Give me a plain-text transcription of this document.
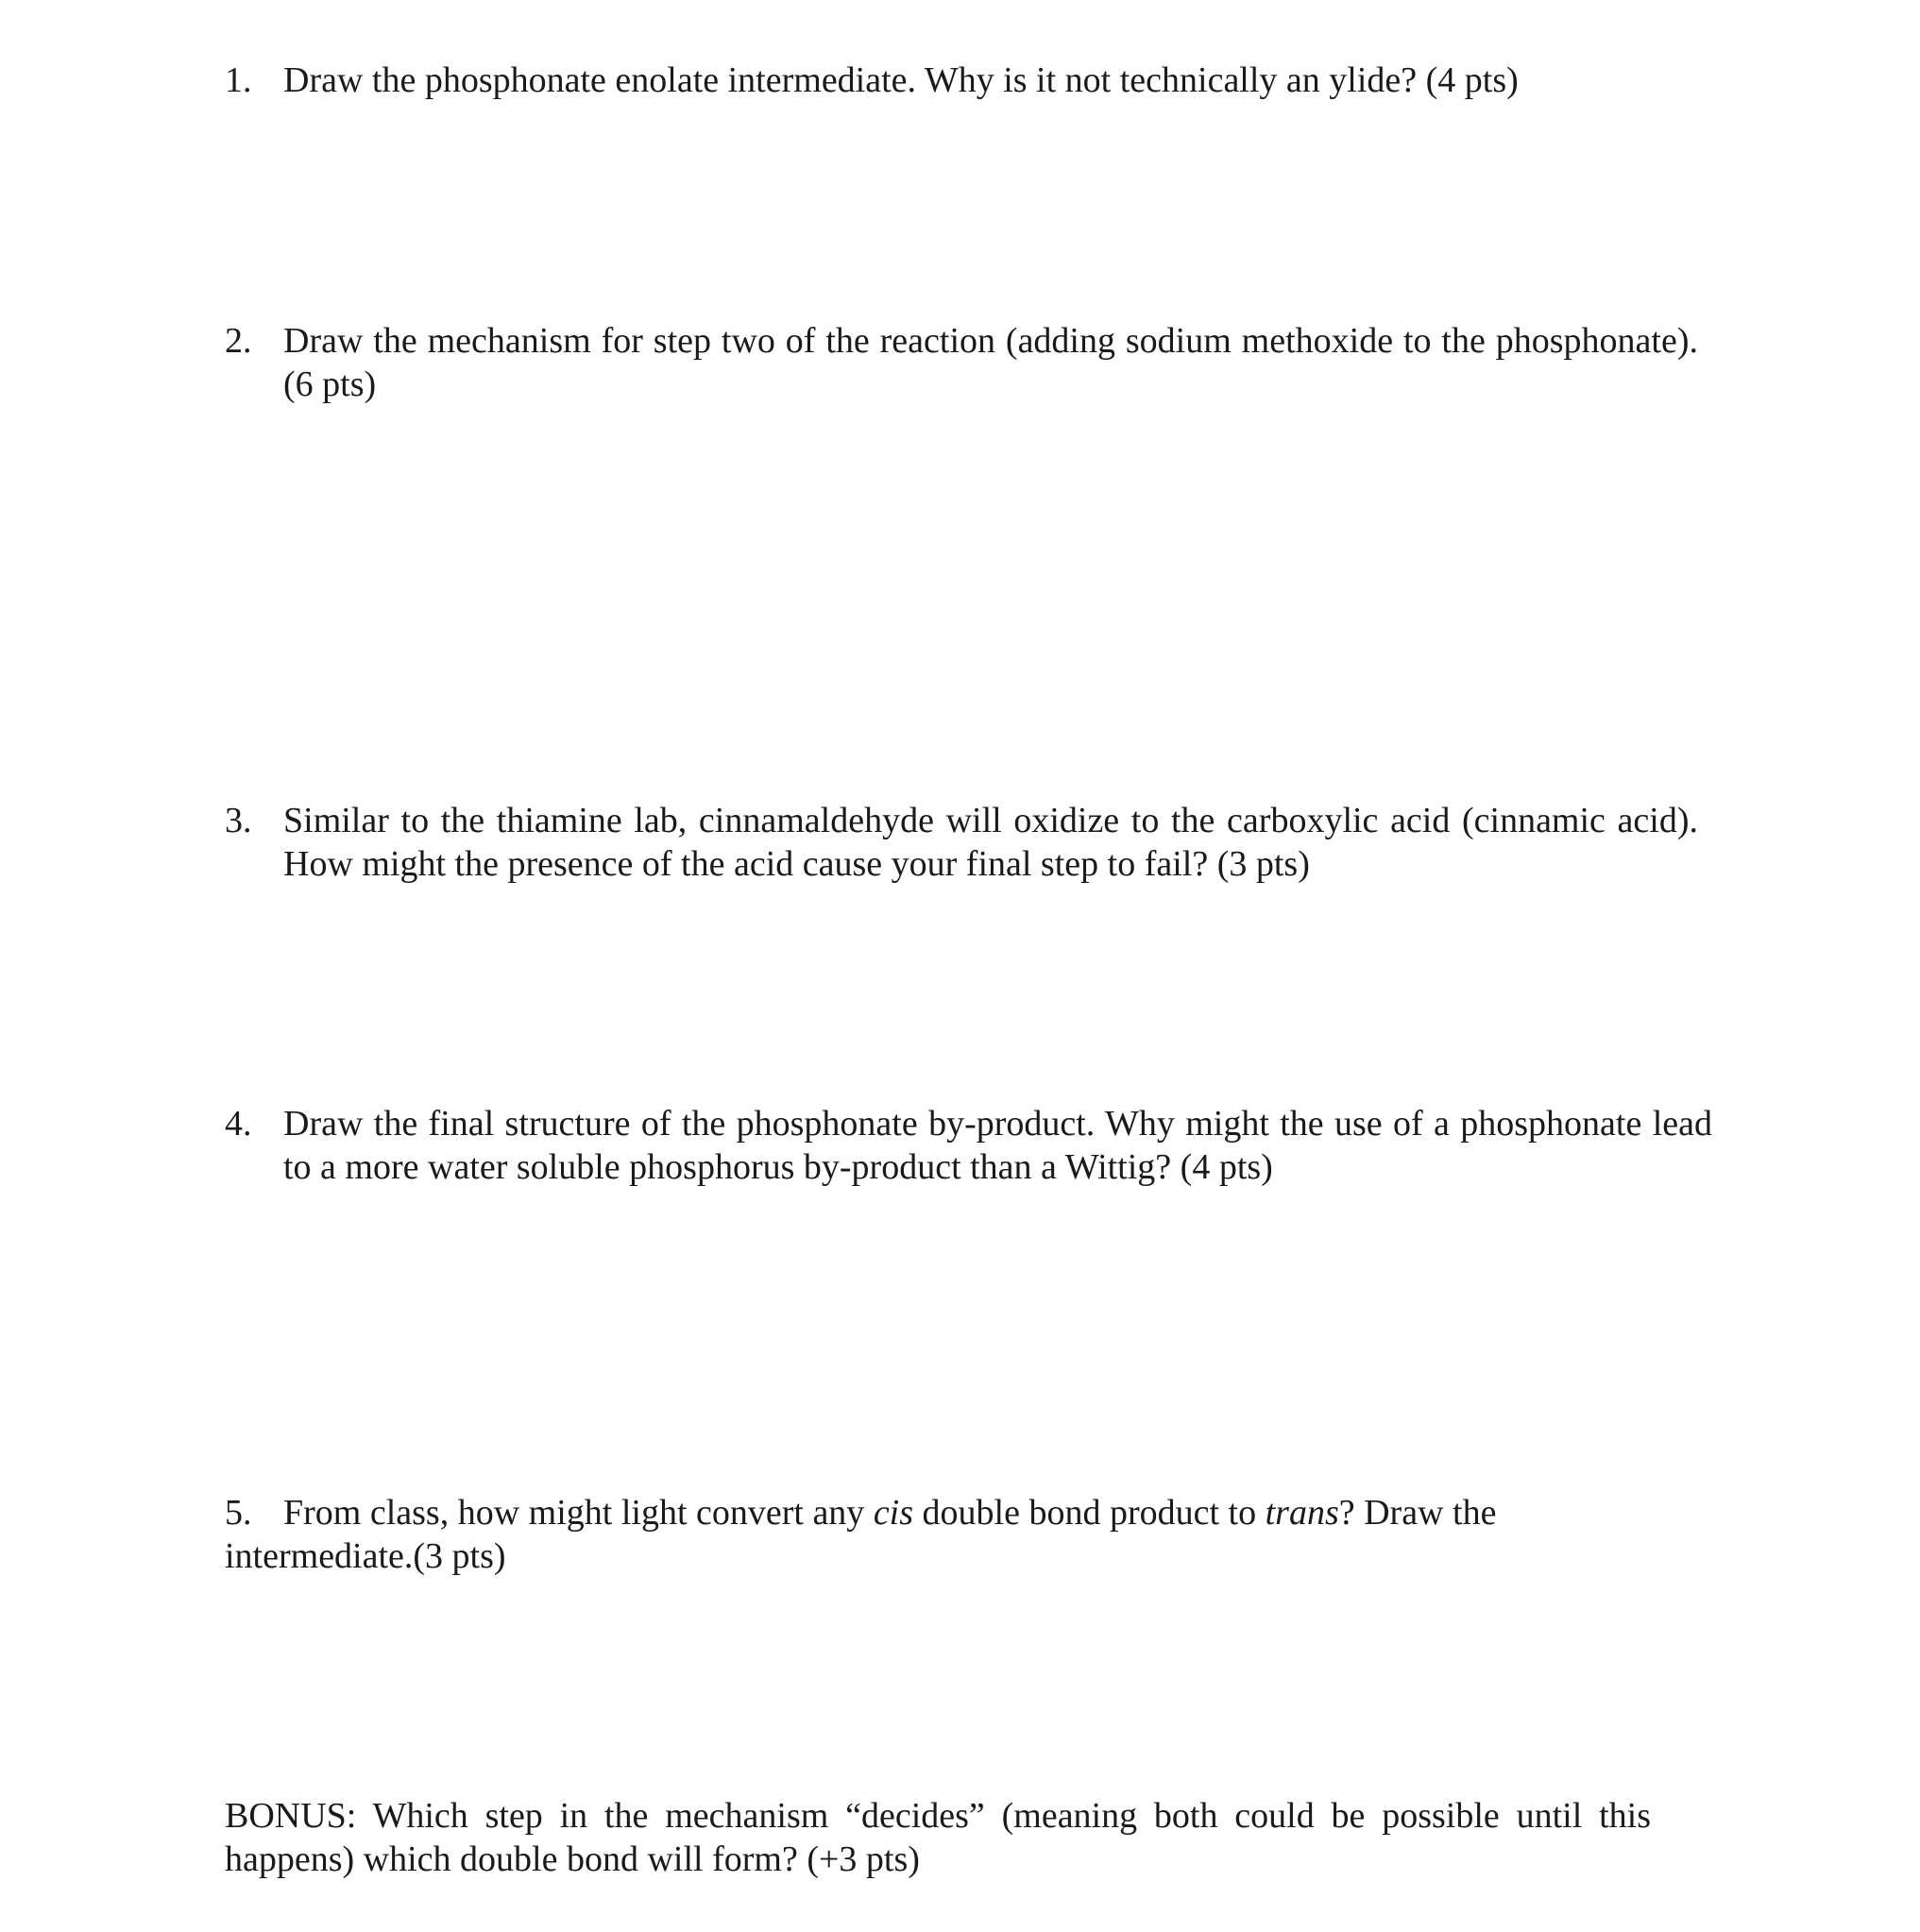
1. Draw the phosphonate enolate intermediate. Why is it not technically an ylide? (4 pts)
2. Draw the mechanism for step two of the reaction (adding sodium methoxide to the phosphonate). (6 pts)
3. Similar to the thiamine lab, cinnamaldehyde will oxidize to the carboxylic acid (cinnamic acid). How might the presence of the acid cause your final step to fail? (3 pts)
4. Draw the final structure of the phosphonate by-product. Why might the use of a phosphonate lead to a more water soluble phosphorus by-product than a Wittig? (4 pts)
5. From class, how might light convert any cis double bond product to trans? Draw the intermediate.(3 pts)
BONUS: Which step in the mechanism “decides” (meaning both could be possible until this happens) which double bond will form? (+3 pts)
